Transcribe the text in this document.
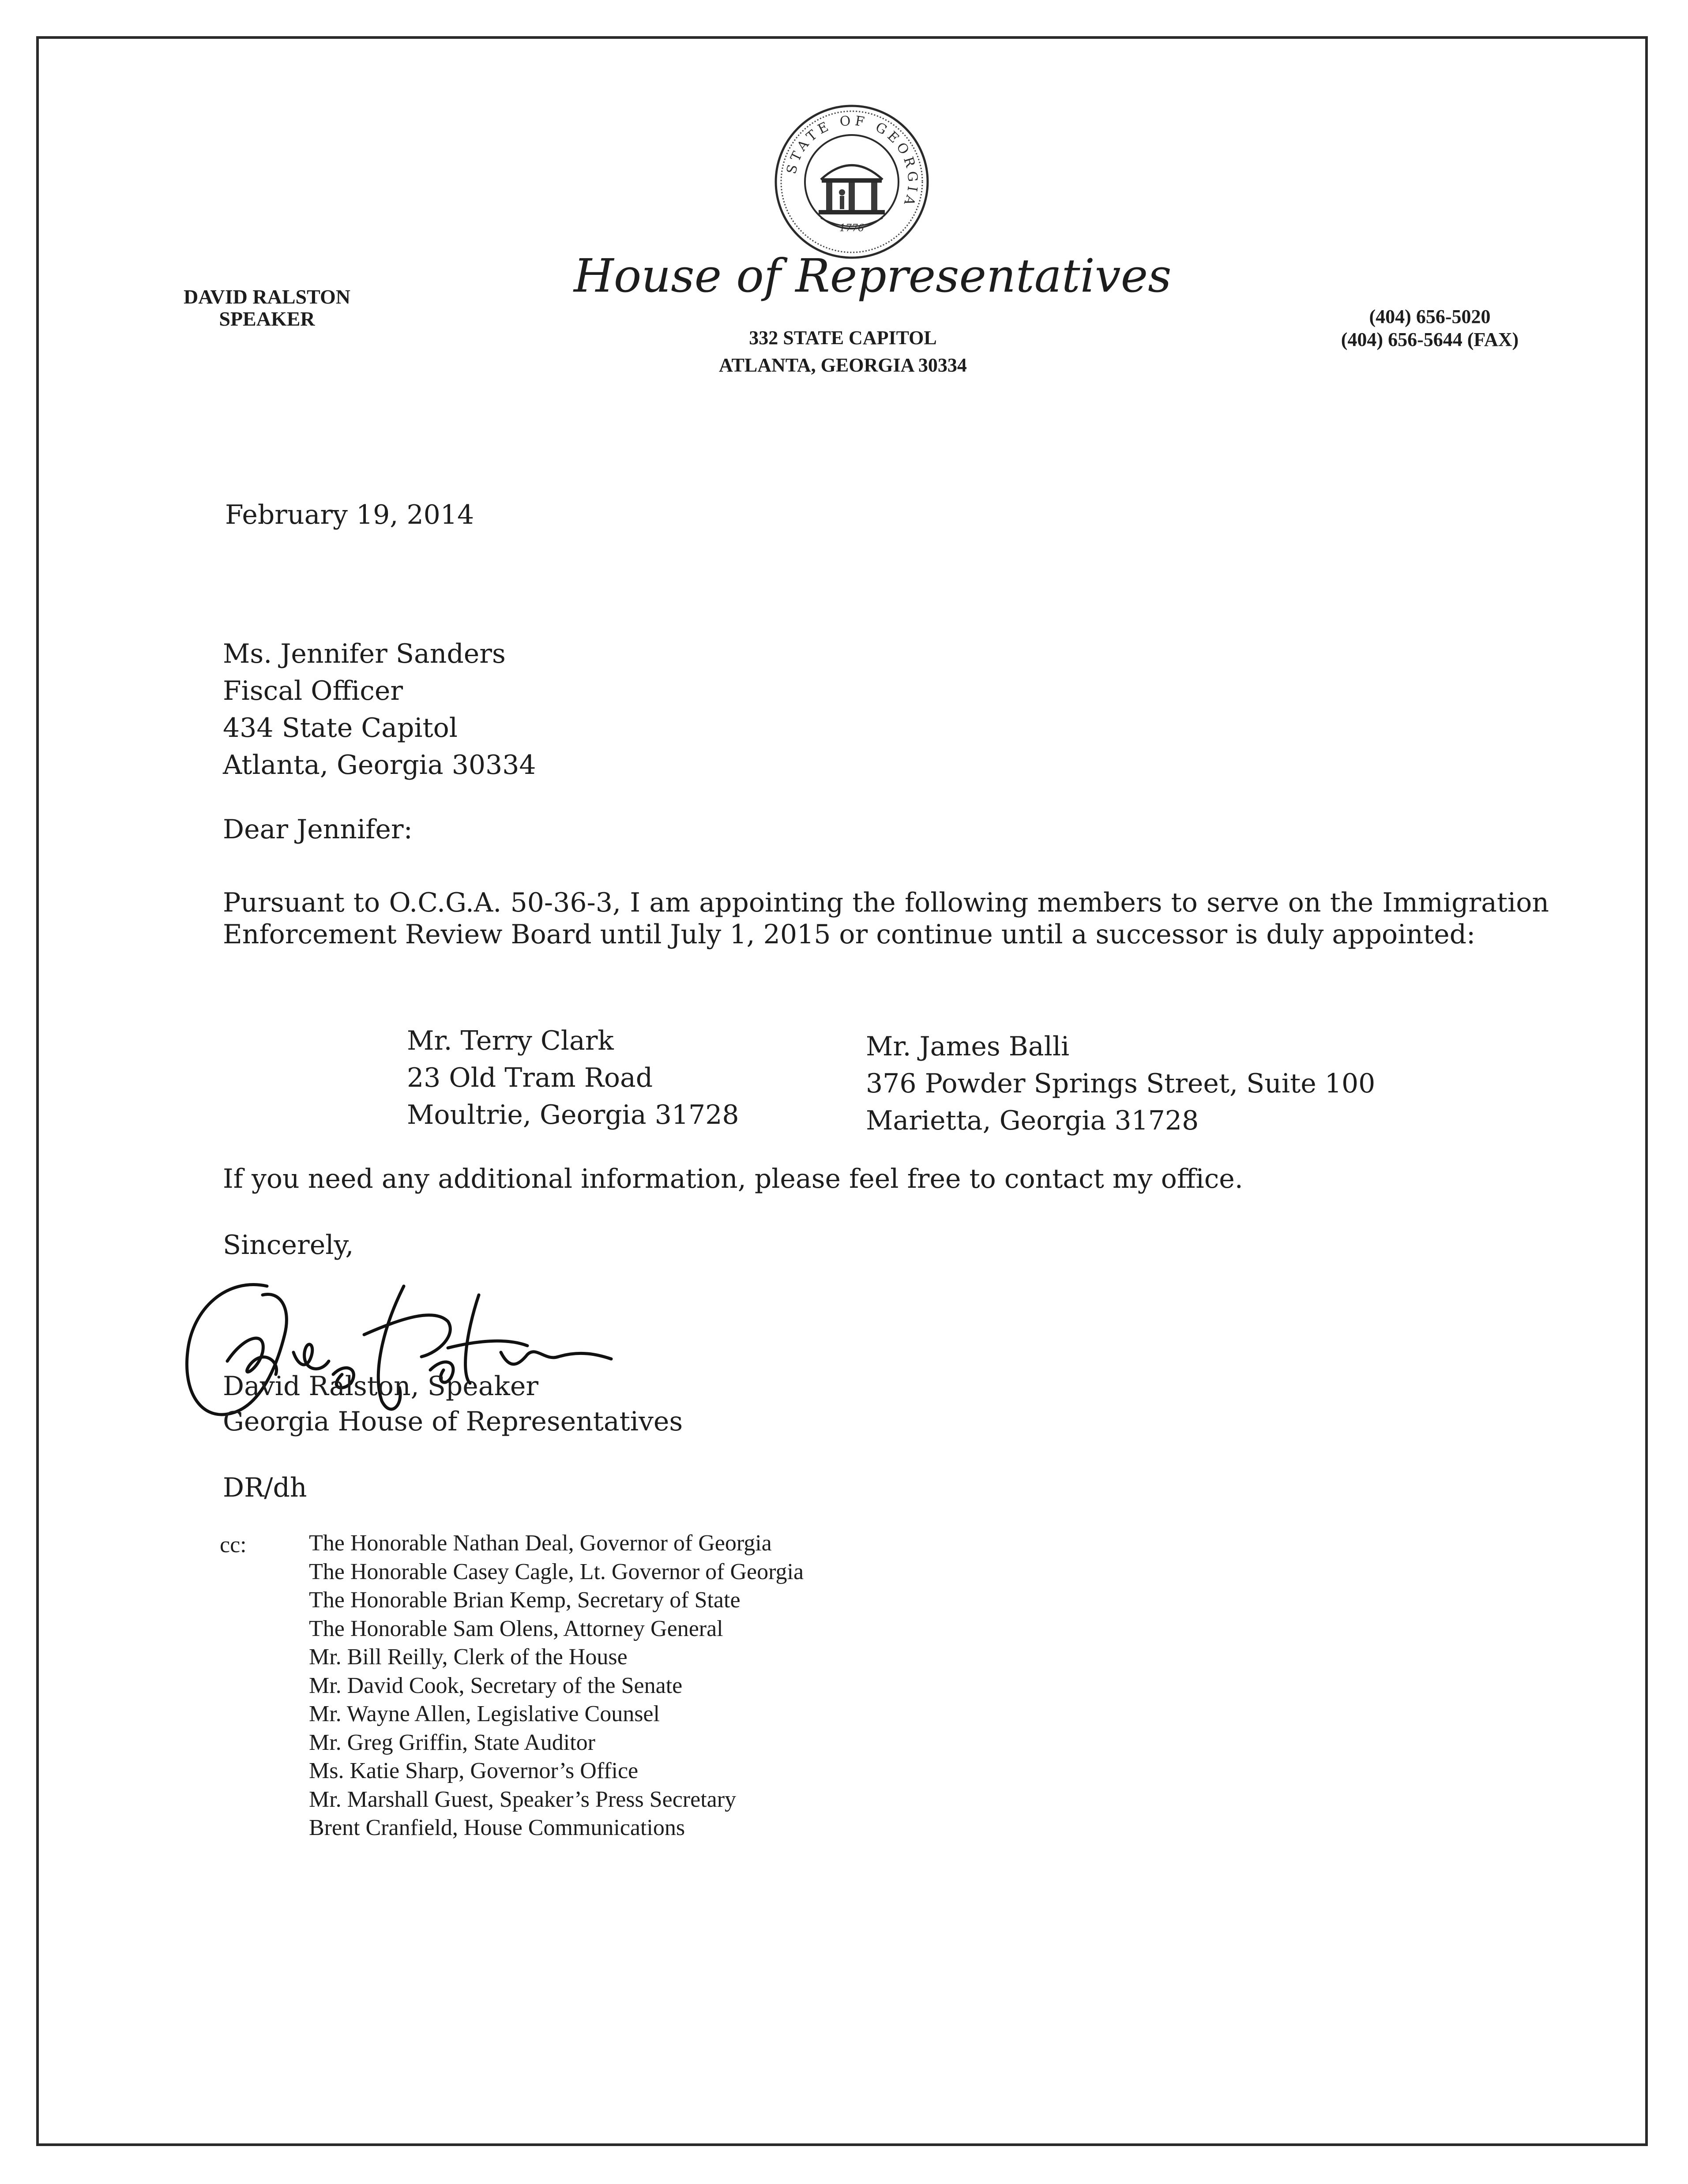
STATE OF GEORGIA
1776
DAVID RALSTON
SPEAKER
House of Representatives
332 STATE CAPITOL
ATLANTA, GEORGIA 30334
(404) 656-5020
(404) 656-5644 (FAX)
February 19, 2014
Ms. Jennifer Sanders
Fiscal Officer
434 State Capitol
Atlanta, Georgia 30334
Dear Jennifer:

Pursuant to O.C.G.A. 50-36-3, I am appointing the following members to serve on the Immigration Enforcement Review Board until July 1, 2015 or continue until a successor is duly appointed:

Mr. Terry Clark
23 Old Tram Road
Moultrie, Georgia 31728
Mr. James Balli
376 Powder Springs Street, Suite 100
Marietta, Georgia 31728
If you need any additional information, please feel free to contact my office.
Sincerely,
David Ralston, Speaker
Georgia House of Representatives
DR/dh
cc:	The Honorable Nathan Deal, Governor of Georgia
The Honorable Casey Cagle, Lt. Governor of Georgia
The Honorable Brian Kemp, Secretary of State
The Honorable Sam Olens, Attorney General
Mr. Bill Reilly, Clerk of the House
Mr. David Cook, Secretary of the Senate
Mr. Wayne Allen, Legislative Counsel
Mr. Greg Griffin, State Auditor
Ms. Katie Sharp, Governor’s Office
Mr. Marshall Guest, Speaker’s Press Secretary
Brent Cranfield, House Communications
